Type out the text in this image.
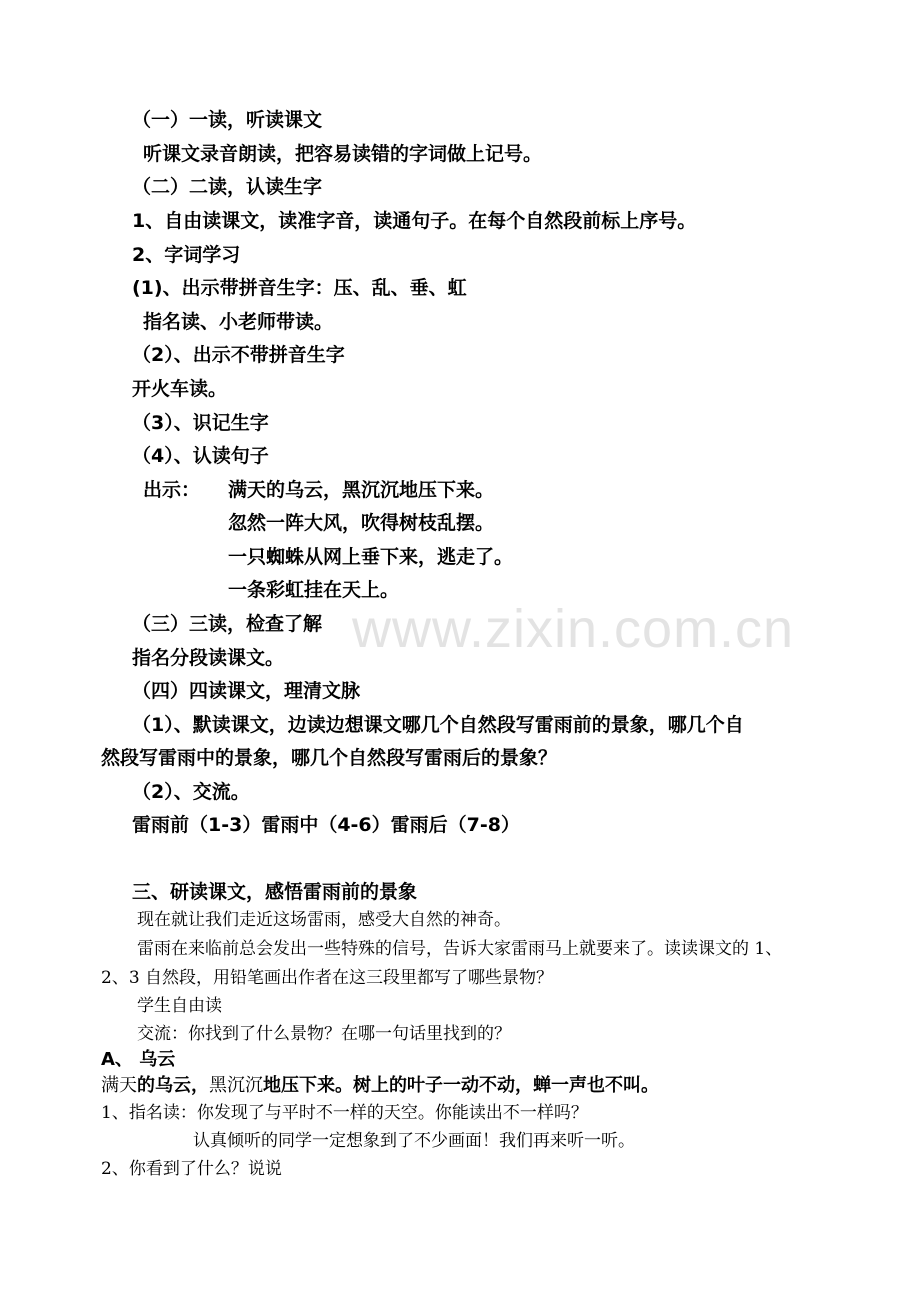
www.zixin.com.cn
（一）一读，听读课文
听课文录音朗读，把容易读错的字词做上记号。
（二）二读，认读生字
1、自由读课文，读准字音，读通句子。在每个自然段前标上序号。
2、字词学习
(1)、出示带拼音生字：压、乱、垂、虹
指名读、小老师带读。
（2）、出示不带拼音生字
开火车读。
（3）、识记生字
（4）、认读句子
出示： 满天的乌云，黑沉沉地压下来。
忽然一阵大风，吹得树枝乱摆。
一只蜘蛛从网上垂下来，逃走了。
一条彩虹挂在天上。
（三）三读，检查了解
指名分段读课文。
（四）四读课文，理清文脉
（1）、默读课文，边读边想课文哪几个自然段写雷雨前的景象，哪几个自
然段写雷雨中的景象，哪几个自然段写雷雨后的景象？
（2）、交流。
雷雨前（1-3）雷雨中（4-6）雷雨后（7-8）
三、研读课文，感悟雷雨前的景象
现在就让我们走近这场雷雨，感受大自然的神奇。
雷雨在来临前总会发出一些特殊的信号，告诉大家雷雨马上就要来了。读读课文的 1、
2、3 自然段，用铅笔画出作者在这三段里都写了哪些景物？
学生自由读
交流：你找到了什么景物？在哪一句话里找到的？
A、 乌云
满天的乌云，黑沉沉地压下来。树上的叶子一动不动，蝉一声也不叫。
1、指名读：你发现了与平时不一样的天空。你能读出不一样吗？
认真倾听的同学一定想象到了不少画面！我们再来听一听。
2、你看到了什么？说说
